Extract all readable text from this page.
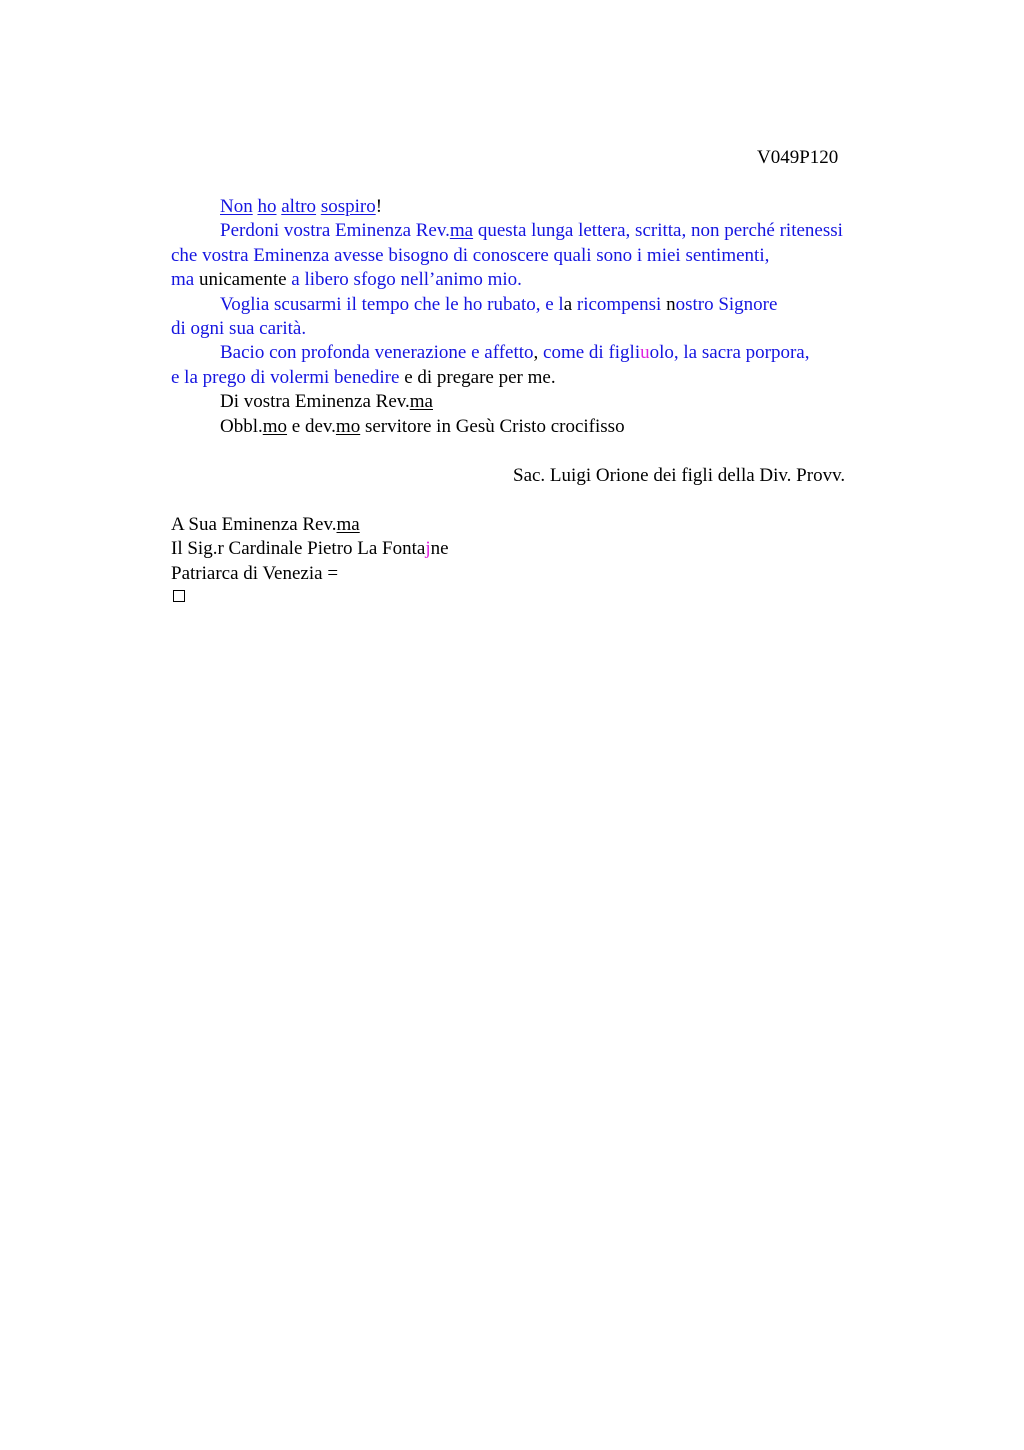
V049P120
Non ho altro sospiro!
Perdoni vostra Eminenza Rev.ma questa lunga lettera, scritta, non perché ritenessi
che vostra Eminenza avesse bisogno di conoscere quali sono i miei sentimenti,
ma unicamente a libero sfogo nell’animo mio.
Voglia scusarmi il tempo che le ho rubato, e la ricompensi nostro Signore
di ogni sua carità.
Bacio con profonda venerazione e affetto, come di figliuolo, la sacra porpora,
e la prego di volermi benedire e di pregare per me.
Di vostra Eminenza Rev.ma
Obbl.mo e dev.mo servitore in Gesù Cristo crocifisso
Sac. Luigi Orione dei figli della Div. Provv.
A Sua Eminenza Rev.ma
Il Sig.r Cardinale Pietro La Fontajne
Patriarca di Venezia =
